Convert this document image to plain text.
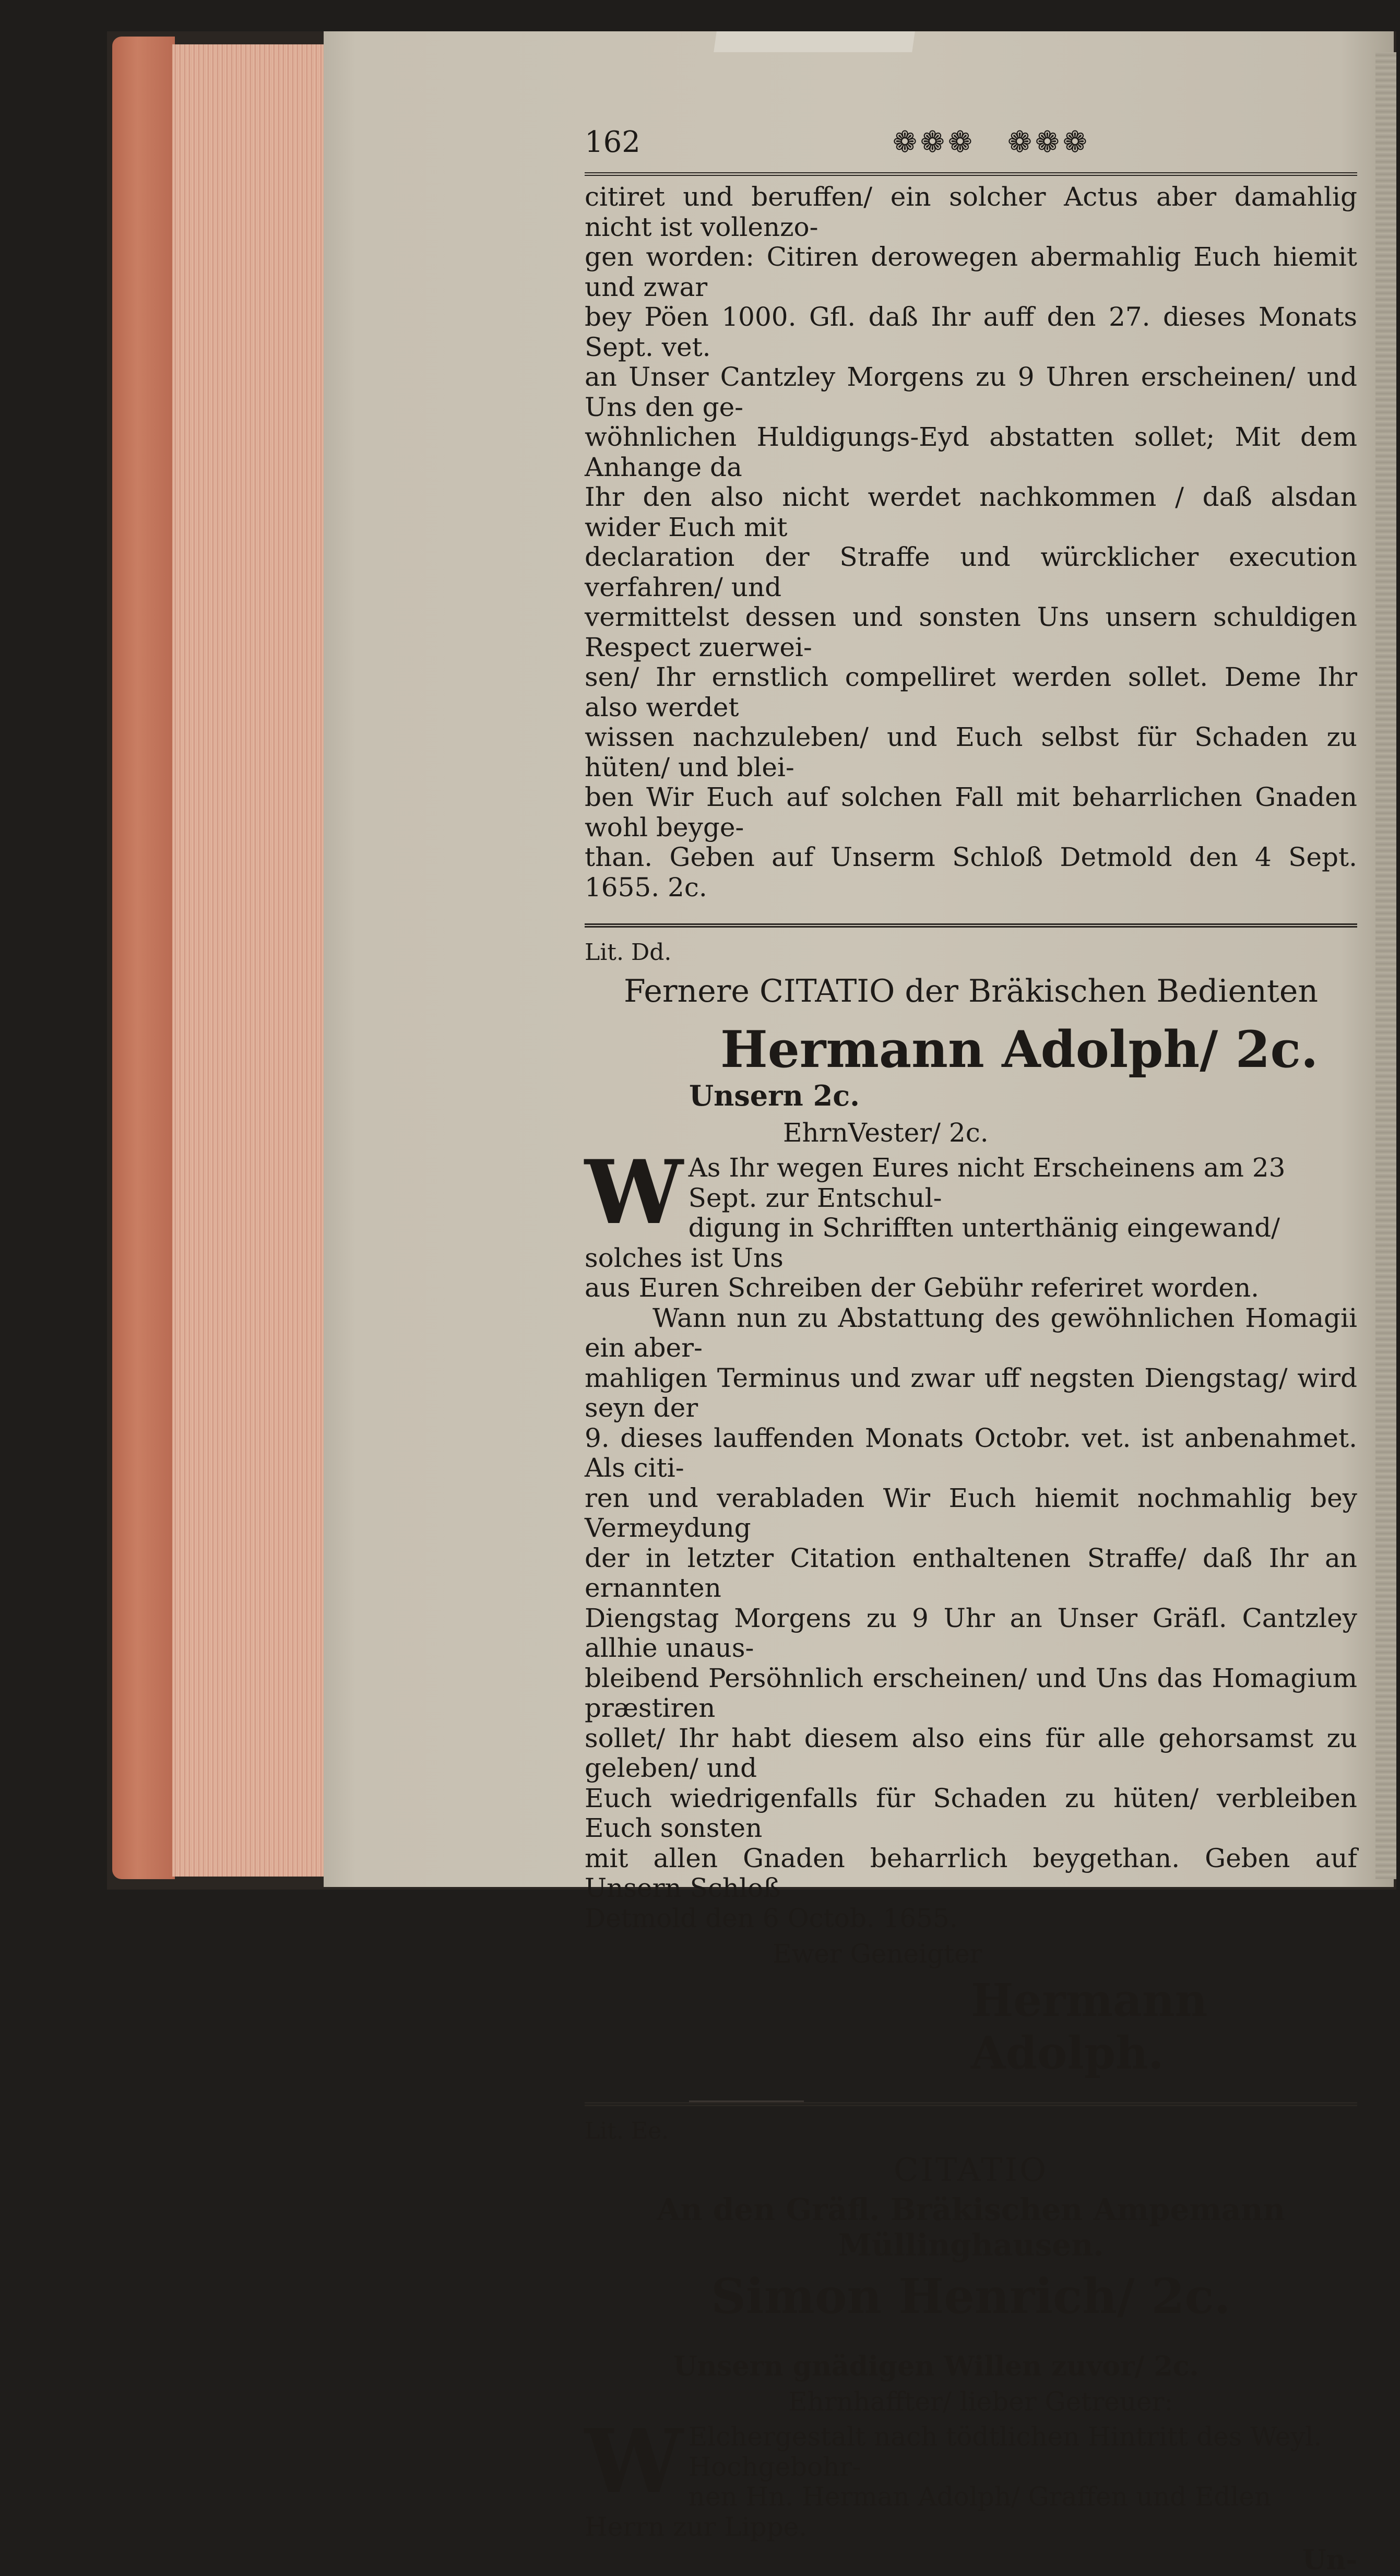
162	❁❁❁ ❁❁❁

citiret und beruffen/ ein solcher Actus aber damahlig nicht ist vollenzo-
gen worden: Citiren derowegen abermahlig Euch hiemit und zwar
bey Pöen 1000. Gfl. daß Ihr auff den 27. dieses Monats Sept. vet.
an Unser Cantzley Morgens zu 9 Uhren erscheinen/ und Uns den ge-
wöhnlichen Huldigungs-Eyd abstatten sollet; Mit dem Anhange da
Ihr den also nicht werdet nachkommen / daß alsdan wider Euch mit
declaration der Straffe und würcklicher execution verfahren/ und
vermittelst dessen und sonsten Uns unsern schuldigen Respect zuerwei-
sen/ Ihr ernstlich compelliret werden sollet. Deme Ihr also werdet
wissen nachzuleben/ und Euch selbst für Schaden zu hüten/ und blei-
ben Wir Euch auf solchen Fall mit beharrlichen Gnaden wohl beyge-
than. Geben auf Unserm Schloß Detmold den 4 Sept. 1655. 2c.

Lit. Dd.
Fernere CITATIO der Bräkischen Bedienten
Hermann Adolph/ 2c.
Unsern 2c.
EhrnVester/ 2c.
W As Ihr wegen Eures nicht Erscheinens am 23 Sept. zur Entschul-
digung in Schrifften unterthänig eingewand/ solches ist Uns
aus Euren Schreiben der Gebühr referiret worden.

Wann nun zu Abstattung des gewöhnlichen Homagii ein aber-
mahligen Terminus und zwar uff negsten Diengstag/ wird seyn der
9. dieses lauffenden Monats Octobr. vet. ist anbenahmet. Als citi-
ren und verabladen Wir Euch hiemit nochmahlig bey Vermeydung
der in letzter Citation enthaltenen Straffe/ daß Ihr an ernannten
Diengstag Morgens zu 9 Uhr an Unser Gräfl. Cantzley allhie unaus-
bleibend Persöhnlich erscheinen/ und Uns das Homagium præstiren
sollet/ Ihr habt diesem also eins für alle gehorsamst zu geleben/ und
Euch wiedrigenfalls für Schaden zu hüten/ verbleiben Euch sonsten
mit allen Gnaden beharrlich beygethan. Geben auf Unsern Schloß
Detmold den 6 Octob. 1655.

Ewer Geneigter
Hermann Adolph.
Lit. Ee.
CITATIO
An den Gräfl. Bräkischen Ampemann Müllinghausen.
Simon Henrich/ 2c.
Unsern gnädigen Willen zuvor/ 2c.
Ehrnhaffter/ lieber Getreuer:
W Elchergestalt nach tödtlichen Hintritt des Weyl. Hochgebohr-
nen Hn. Herman Adolph/ Graffen und Edlen Herrn zur Lippe.
Un-
